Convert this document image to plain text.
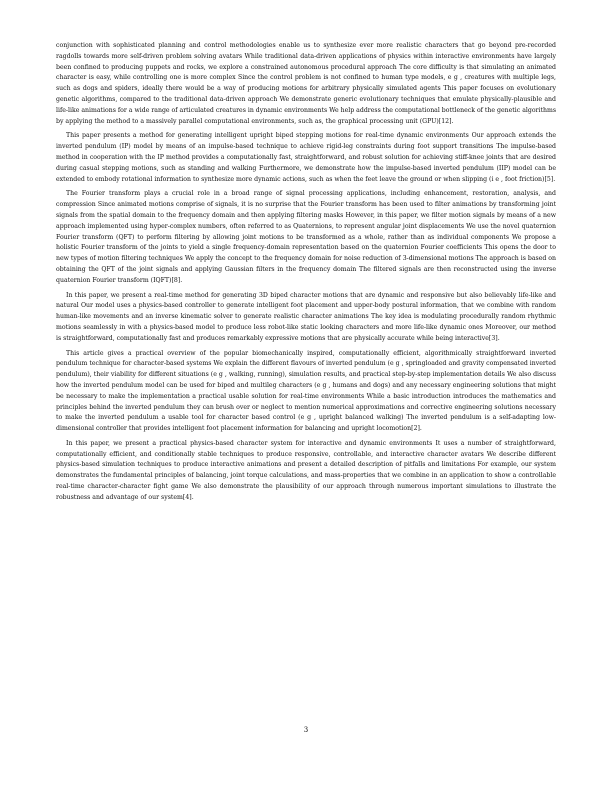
conjunction with sophisticated planning and control methodologies enable us to synthesize ever more realistic characters that go beyond pre-recorded ragdolls towards more self-driven problem solving avatars While traditional data-driven applications of physics within interactive environments have largely been confined to producing puppets and rocks, we explore a constrained autonomous procedural approach The core difficulty is that simulating an animated character is easy, while controlling one is more complex Since the control problem is not confined to human type models, e g , creatures with multiple legs, such as dogs and spiders, ideally there would be a way of producing motions for arbitrary physically simulated agents This paper focuses on evolutionary genetic algorithms, compared to the traditional data-driven approach We demonstrate generic evolutionary techniques that emulate physically-plausible and life-like animations for a wide range of articulated creatures in dynamic environments We help address the computational bottleneck of the genetic algorithms by applying the method to a massively parallel computational environments, such as, the graphical processing unit (GPU)[12].

This paper presents a method for generating intelligent upright biped stepping motions for real-time dynamic environments Our approach extends the inverted pendulum (IP) model by means of an impulse-based technique to achieve rigid-leg constraints during foot support transitions The impulse-based method in cooperation with the IP method provides a computationally fast, straightforward, and robust solution for achieving stiff-knee joints that are desired during casual stepping motions, such as standing and walking Furthermore, we demonstrate how the impulse-based inverted pendulum (IIP) model can be extended to embody rotational information to synthesize more dynamic actions, such as when the feet leave the ground or when slipping (i e , foot friction)[5].

The Fourier transform plays a crucial role in a broad range of signal processing applications, including enhancement, restoration, analysis, and compression Since animated motions comprise of signals, it is no surprise that the Fourier transform has been used to filter animations by transforming joint signals from the spatial domain to the frequency domain and then applying filtering masks However, in this paper, we filter motion signals by means of a new approach implemented using hyper-complex numbers, often referred to as Quaternions, to represent angular joint displacements We use the novel quaternion Fourier transform (QFT) to perform filtering by allowing joint motions to be transformed as a whole, rather than as individual components We propose a holistic Fourier transform of the joints to yield a single frequency-domain representation based on the quaternion Fourier coefficients This opens the door to new types of motion filtering techniques We apply the concept to the frequency domain for noise reduction of 3-dimensional motions The approach is based on obtaining the QFT of the joint signals and applying Gaussian filters in the frequency domain The filtered signals are then reconstructed using the inverse quaternion Fourier transform (IQFT)[8].

In this paper, we present a real-time method for generating 3D biped character motions that are dynamic and responsive but also believably life-like and natural Our model uses a physics-based controller to generate intelligent foot placement and upper-body postural information, that we combine with random human-like movements and an inverse kinematic solver to generate realistic character animations The key idea is modulating procedurally random rhythmic motions seamlessly in with a physics-based model to produce less robot-like static looking characters and more life-like dynamic ones Moreover, our method is straightforward, computationally fast and produces remarkably expressive motions that are physically accurate while being interactive[3].

This article gives a practical overview of the popular biomechanically inspired, computationally efficient, algorithmically straightforward inverted pendulum technique for character-based systems We explain the different flavours of inverted pendulum (e g , springloaded and gravity compensated inverted pendulum), their viability for different situations (e g , walking, running), simulation results, and practical step-by-step implementation details We also discuss how the inverted pendulum model can be used for biped and multileg characters (e g , humans and dogs) and any necessary engineering solutions that might be necessary to make the implementation a practical usable solution for real-time environments While a basic introduction introduces the mathematics and principles behind the inverted pendulum they can brush over or neglect to mention numerical approximations and corrective engineering solutions necessary to make the inverted pendulum a usable tool for character based control (e g , upright balanced walking) The inverted pendulum is a self-adapting low-dimensional controller that provides intelligent foot placement information for balancing and upright locomotion[2].

In this paper, we present a practical physics-based character system for interactive and dynamic environments It uses a number of straightforward, computationally efficient, and conditionally stable techniques to produce responsive, controllable, and interactive character avatars We describe different physics-based simulation techniques to produce interactive animations and present a detailed description of pitfalls and limitations For example, our system demonstrates the fundamental principles of balancing, joint torque calculations, and mass-properties that we combine in an application to show a controllable real-time character-character fight game We also demonstrate the plausibility of our approach through numerous important simulations to illustrate the robustness and advantage of our system[4].

3
